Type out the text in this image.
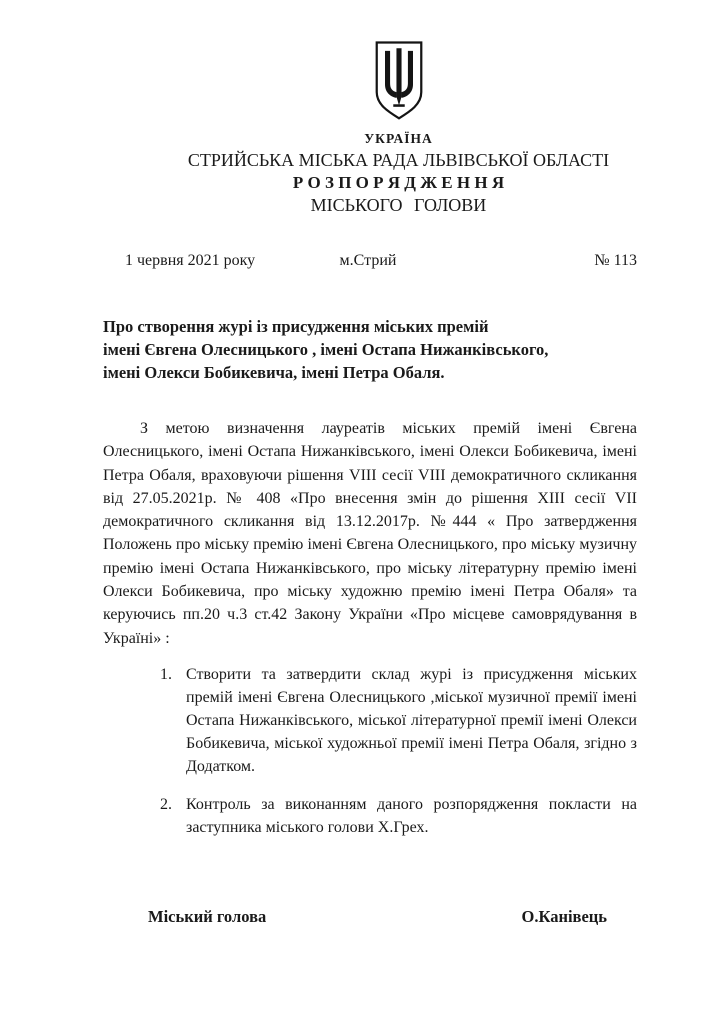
УКРАЇНА
СТРИЙСЬКА МІСЬКА РАДА ЛЬВІВСЬКОЇ ОБЛАСТІ
Р О З П О Р Я Д Ж Е Н Н Я
МІСЬКОГО ГОЛОВИ
1 червня 2021 року	м.Стрий	№ 113
Про створення журі із присудження міських премій
імені Євгена Олесницького , імені Остапа Нижанківського,
імені Олекси Бобикевича, імені Петра Обаля.

З метою визначення лауреатів міських премій імені Євгена Олесницького, імені Остапа Нижанківського, імені Олекси Бобикевича, імені Петра Обаля, враховуючи рішення VIII сесії VIII демократичного скликання від 27.05.2021р. № 408 «Про внесення змін до рішення XIII сесії VII демократичного скликання від 13.12.2017р. №444 « Про затвердження Положень про міську премію імені Євгена Олесницького, про міську музичну премію імені Остапа Нижанківського, про міську літературну премію імені Олекси Бобикевича, про міську художню премію імені Петра Обаля» та керуючись пп.20 ч.3 ст.42 Закону України «Про місцеве самоврядування в Україні» :

1. Створити та затвердити склад журі із присудження міських премій імені Євгена Олесницького ,міської музичної премії імені Остапа Нижанківського, міської літературної премії імені Олекси Бобикевича, міської художньої премії імені Петра Обаля, згідно з Додатком.
2. Контроль за виконанням даного розпорядження покласти на заступника міського голови Х.Грех.
Міський голова	О.Канівець
